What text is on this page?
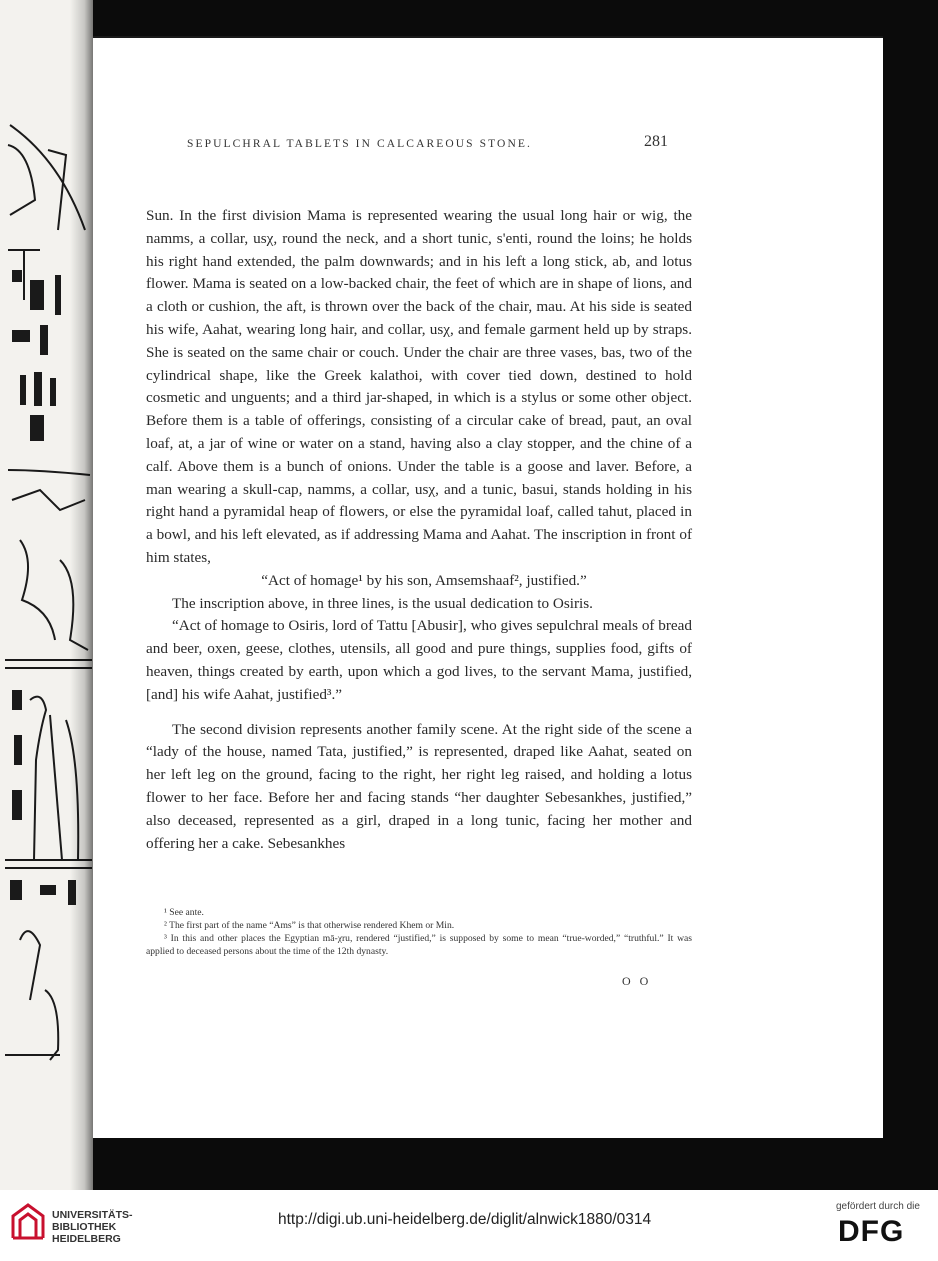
SEPULCHRAL TABLETS IN CALCAREOUS STONE.	281

Sun. In the first division Mama is represented wearing the usual long hair or wig, the namms, a collar, usχ, round the neck, and a short tunic, s'enti, round the loins; he holds his right hand extended, the palm downwards; and in his left a long stick, ab, and lotus flower. Mama is seated on a low-backed chair, the feet of which are in shape of lions, and a cloth or cushion, the aft, is thrown over the back of the chair, mau. At his side is seated his wife, Aahat, wearing long hair, and collar, usχ, and female garment held up by straps. She is seated on the same chair or couch. Under the chair are three vases, bas, two of the cylindrical shape, like the Greek kalathoi, with cover tied down, destined to hold cosmetic and unguents; and a third jar-shaped, in which is a stylus or some other object. Before them is a table of offerings, consisting of a circular cake of bread, paut, an oval loaf, at, a jar of wine or water on a stand, having also a clay stopper, and the chine of a calf. Above them is a bunch of onions. Under the table is a goose and laver. Before, a man wearing a skull-cap, namms, a collar, usχ, and a tunic, basui, stands holding in his right hand a pyramidal heap of flowers, or else the pyramidal loaf, called tahut, placed in a bowl, and his left elevated, as if addressing Mama and Aahat. The inscription in front of him states,

“Act of homage¹ by his son, Amsemshaaf², justified.”

The inscription above, in three lines, is the usual dedication to Osiris.

“Act of homage to Osiris, lord of Tattu [Abusir], who gives sepulchral meals of bread and beer, oxen, geese, clothes, utensils, all good and pure things, supplies food, gifts of heaven, things created by earth, upon which a god lives, to the servant Mama, justified, [and] his wife Aahat, justified³.”

The second division represents another family scene. At the right side of the scene a “lady of the house, named Tata, justified,” is represented, draped like Aahat, seated on her left leg on the ground, facing to the right, her right leg raised, and holding a lotus flower to her face. Before her and facing stands “her daughter Sebesankhes, justified,” also deceased, represented as a girl, draped in a long tunic, facing her mother and offering her a cake. Sebesankhes

¹ See ante.

² The first part of the name “Ams” is that otherwise rendered Khem or Min.

³ In this and other places the Egyptian mā-χru, rendered “justified,” is supposed by some to mean “true-worded,” “truthful.” It was applied to deceased persons about the time of the 12th dynasty.

O O
UNIVERSITÄTS-
BIBLIOTHEK
HEIDELBERG
http://digi.ub.uni-heidelberg.de/diglit/alnwick1880/0314
gefördert durch die
DFG
